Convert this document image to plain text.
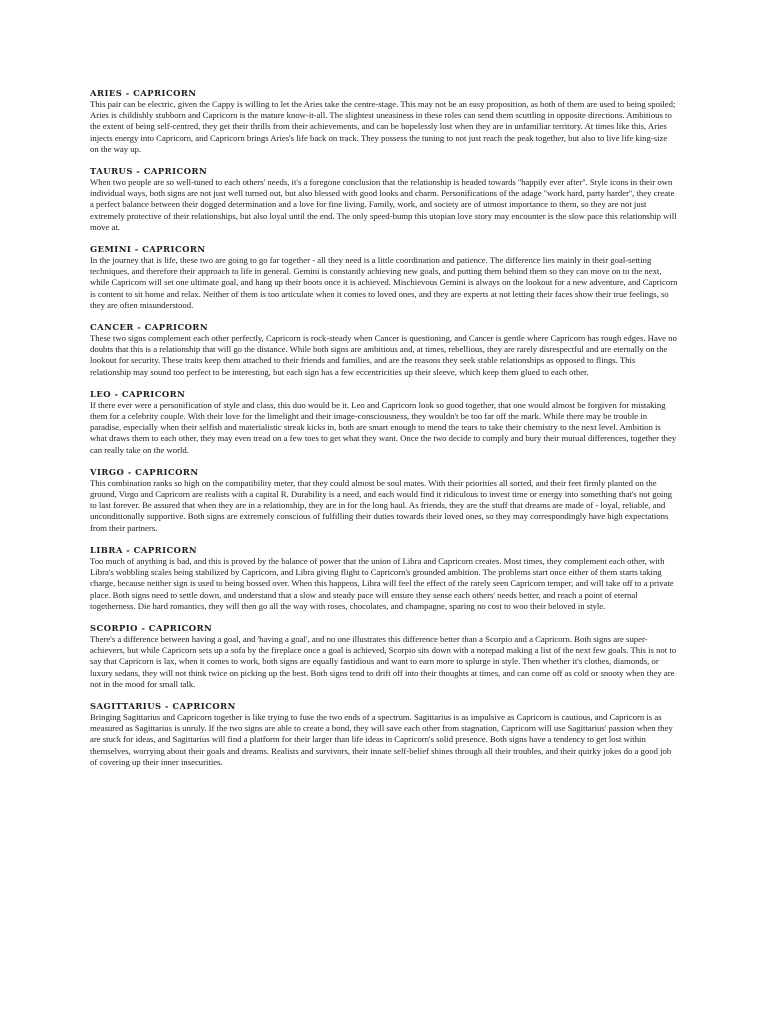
ARIES - CAPRICORN

This pair can be electric, given the Cappy is willing to let the Aries take the centre-stage. This may not be an easy proposition, as both of them are used to being spoiled; Aries is childishly stubborn and Capricorn is the mature know-it-all. The slightest uneasiness in these roles can send them scuttling in opposite directions. Ambitious to the extent of being self-centred, they get their thrills from their achievements, and can be hopelessly lost when they are in unfamiliar territory. At times like this, Aries injects energy into Capricorn, and Capricorn brings Aries's life back on track. They possess the tuning to not just reach the peak together, but also to live life king-size on the way up.

TAURUS - CAPRICORN

When two people are so well-tuned to each others' needs, it's a foregone conclusion that the relationship is headed towards ''happily ever after''. Style icons in their own individual ways, both signs are not just well turned out, but also blessed with good looks and charm. Personifications of the adage ''work hard, party harder'', they create a perfect balance between their dogged determination and a love for fine living. Family, work, and society are of utmost importance to them, so they are not just extremely protective of their relationships, but also loyal until the end. The only speed-bump this utopian love story may encounter is the slow pace this relationship will move at.

GEMINI - CAPRICORN

In the journey that is life, these two are going to go far together - all they need is a little coordination and patience. The difference lies mainly in their goal-setting techniques, and therefore their approach to life in general. Gemini is constantly achieving new goals, and putting them behind them so they can move on to the next, while Capricorn will set one ultimate goal, and hang up their boots once it is achieved. Mischievous Gemini is always on the lookout for a new adventure, and Capricorn is content to sit home and relax. Neither of them is too articulate when it comes to loved ones, and they are experts at not letting their faces show their true feelings, so they are often misunderstood.

CANCER - CAPRICORN

These two signs complement each other perfectly, Capricorn is rock-steady when Cancer is questioning, and Cancer is gentle where Capricorn has rough edges. Have no doubts that this is a relationship that will go the distance. While both signs are ambitious and, at times, rebellious, they are rarely disrespectful and are eternally on the lookout for security. These traits keep them attached to their friends and families, and are the reasons they seek stable relationships as opposed to flings. This relationship may sound too perfect to be interesting, but each sign has a few eccentricities up their sleeve, which keep them glued to each other.

LEO - CAPRICORN

If there ever were a personification of style and class, this duo would be it. Leo and Capricorn look so good together, that one would almost be forgiven for mistaking them for a celebrity couple. With their love for the limelight and their image-consciousness, they wouldn't be too far off the mark. While there may be trouble in paradise, especially when their selfish and materialistic streak kicks in, both are smart enough to mend the tears to take their chemistry to the next level. Ambition is what draws them to each other, they may even tread on a few toes to get what they want. Once the two decide to comply and bury their mutual differences, together they can really take on the world.

VIRGO - CAPRICORN

This combination ranks so high on the compatibility meter, that they could almost be soul mates. With their priorities all sorted, and their feet firmly planted on the ground, Virgo and Capricorn are realists with a capital R. Durability is a need, and each would find it ridiculous to invest time or energy into something that's not going to last forever. Be assured that when they are in a relationship, they are in for the long haul. As friends, they are the stuff that dreams are made of - loyal, reliable, and unconditionally supportive. Both signs are extremely conscious of fulfilling their duties towards their loved ones, so they may correspondingly have high expectations from their partners.

LIBRA - CAPRICORN

Too much of anything is bad, and this is proved by the balance of power that the union of Libra and Capricorn creates. Most times, they complement each other, with Libra's wobbling scales being stabilized by Capricorn, and Libra giving flight to Capricorn's grounded ambition. The problems start once either of them starts taking charge, because neither sign is used to being bossed over. When this happens, Libra will feel the effect of the rarely seen Capricorn temper, and will take off to a private place. Both signs need to settle down, and understand that a slow and steady pace will ensure they sense each others' needs better, and reach a point of eternal togetherness. Die hard romantics, they will then go all the way with roses, chocolates, and champagne, sparing no cost to woo their beloved in style.

SCORPIO - CAPRICORN

There's a difference between having a goal, and 'having a goal', and no one illustrates this difference better than a Scorpio and a Capricorn. Both signs are super-achievers, but while Capricorn sets up a sofa by the fireplace once a goal is achieved, Scorpio sits down with a notepad making a list of the next few goals. This is not to say that Capricorn is lax, when it comes to work, both signs are equally fastidious and want to earn more to splurge in style. Then whether it's clothes, diamonds, or luxury sedans, they will not think twice on picking up the best. Both signs tend to drift off into their thoughts at times, and can come off as cold or snooty when they are not in the mood for small talk.

SAGITTARIUS - CAPRICORN

Bringing Sagittarius and Capricorn together is like trying to fuse the two ends of a spectrum. Sagittarius is as impulsive as Capricorn is cautious, and Capricorn is as measured as Sagittarius is unruly. If the two signs are able to create a bond, they will save each other from stagnation, Capricorn will use Sagittarius' passion when they are stuck for ideas, and Sagittarius will find a platform for their larger than life ideas in Capricorn's solid presence. Both signs have a tendency to get lost within themselves, worrying about their goals and dreams. Realists and survivors, their innate self-belief shines through all their troubles, and their quirky jokes do a good job of covering up their inner insecurities.
